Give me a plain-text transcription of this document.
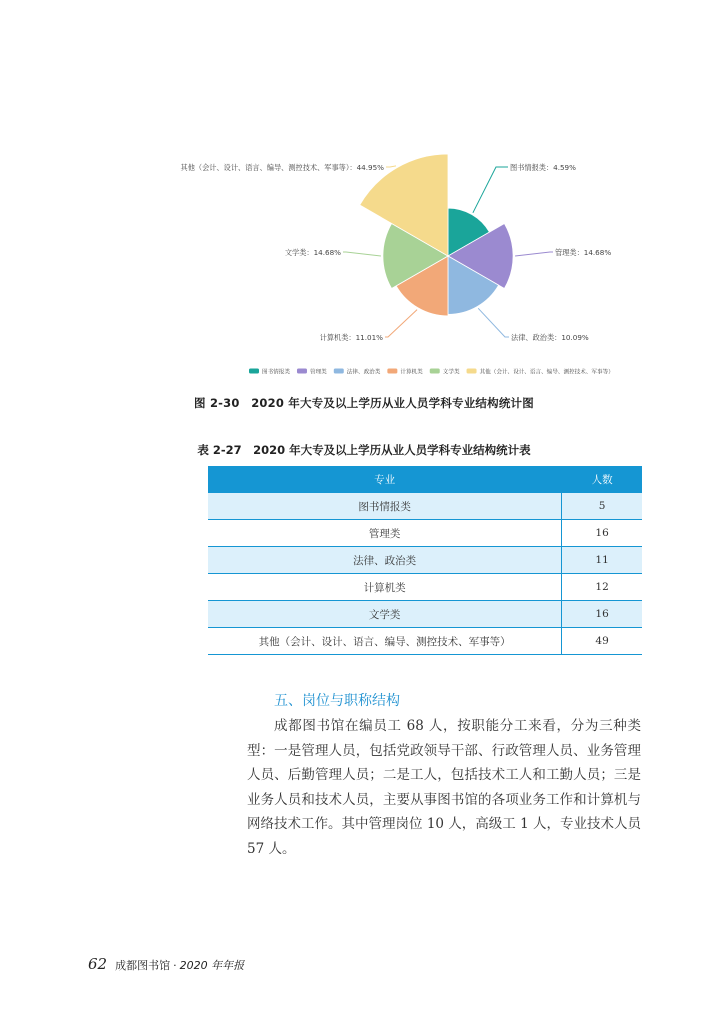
图书情报类：4.59%
管理类：14.68%
法律、政治类：10.09%
计算机类：11.01%
文学类：14.68%
其他（会计、设计、语言、编导、测控技术、军事等）：44.95%
图书情报类	管理类	法律、政治类	计算机类	文学类	其他（会计、设计、语言、编导、测控技术、军事等）
图 2-30　2020 年大专及以上学历从业人员学科专业结构统计图
表 2-27　2020 年大专及以上学历从业人员学科专业结构统计表
专业	人数
图书情报类	5
管理类	16
法律、政治类	11
计算机类	12
文学类	16
其他（会计、设计、语言、编导、测控技术、军事等）	49
五、岗位与职称结构

成都图书馆在编员工 68 人，按职能分工来看，分为三种类型：一是管理人员，包括党政领导干部、行政管理人员、业务管理人员、后勤管理人员；二是工人，包括技术工人和工勤人员；三是业务人员和技术人员，主要从事图书馆的各项业务工作和计算机与网络技术工作。其中管理岗位 10 人，高级工 1 人，专业技术人员 57 人。

62 成都图书馆 · 2020 年年报
